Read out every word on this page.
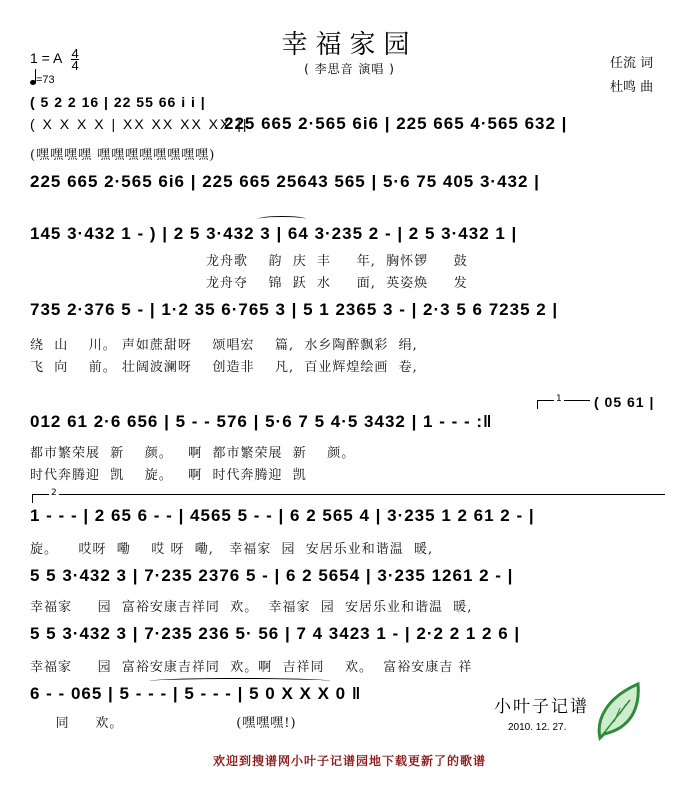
幸福家园
( 李思音 演唱 )	任流 词
杜鸣 曲
1 = A $\frac{4}{4}$
=73
( 5 2 2 16 | 22 55 66 i i |
( X X X X | XX XX XX XX ||:
225 665 2·565 6i6 | 225 665 4·565 632 |
(嘿嘿嘿嘿 嘿嘿嘿嘿嘿嘿嘿嘿)
225 665 2·565 6i6 | 225 665 25643 565 | 5·6 75 405 3·432 |
145 3·432 1 - ) | 2 5 3·432 3 | 64 3·235 2 - | 2 5 3·432 1 |
龙舟歌    韵  庆  丰     年,  胸怀锣     鼓
龙舟夺    锦  跃  水     面,  英姿焕     发
735 2·376 5 - | 1·2 35 6·765 3 | 5 1 2365 3 - | 2·3 5 6 7235 2 |
绕  山    川。 声如蔗甜呀    颂唱宏    篇,  水乡陶醉飘彩  绢,
飞  向    前。 壮阔波澜呀    创造非    凡,  百业辉煌绘画  卷,
1 ( 05 61 |
012 61 2·6 656 | 5 - - 576 | 5·6 7 5 4·5 3432 | 1 - - - :‖
都市繁荣展  新    颜。   啊  都市繁荣展  新    颜。
时代奔腾迎  凯    旋。   啊  时代奔腾迎  凯
2
1 - - - | 2 65 6 - - | 4565 5 - - | 6 2 565 4 | 3·235 1 2 61 2 - |
旋。    哎呀  嘞    哎 呀  嘞,   幸福家  园  安居乐业和谐温  暖,
5 5 3·432 3 | 7·235 2376 5 - | 6 2 5654 | 3·235 1261 2 - |
幸福家     园  富裕安康吉祥同  欢。  幸福家  园  安居乐业和谐温  暖,
5 5 3·432 3 | 7·235 236 5· 56 | 7 4 3423 1 - | 2·2 2 1 2 6 |
幸福家     园  富裕安康吉祥同  欢。啊  吉祥同    欢。  富裕安康吉 祥
6 - - 065 | 5 - - - | 5 - - - | 5 0 X X X 0 ‖
同     欢。                      (嘿嘿嘿!)
小叶子记谱
2010. 12. 27.
欢迎到搜谱网小叶子记谱园地下载更新了的歌谱
